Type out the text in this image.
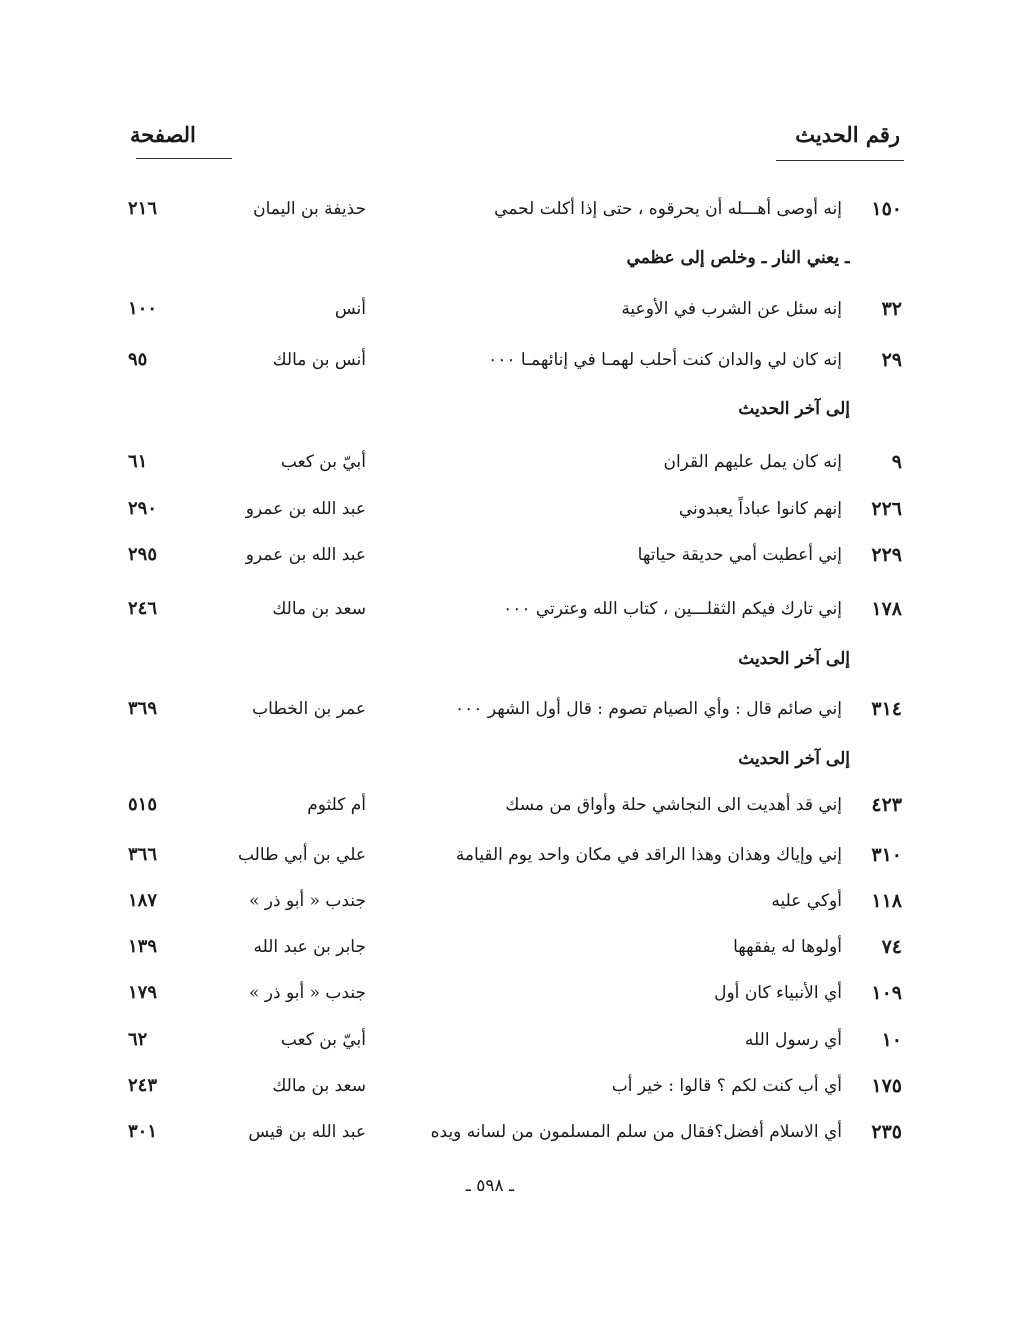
رقم الحديث
الصفحة
١٥٠
إنه أوصى أهـــله أن يحرقوه ، حتى إذا أكلت لحمي
حذيفة بن اليمان
٢١٦
ـ يعني النار ـ وخلص إلى عظمي
٣٢
إنه سئل عن الشرب في الأوعية
أنس
١٠٠
٢٩
إنه كان لي والدان كنت أحلب لهمـا في إنائهمـا ٠٠٠
أنس بن مالك
٩٥
إلى آخر الحديث
٩
إنه كان يمل عليهم القران
أبيّ بن كعب
٦١
٢٢٦
إنهم كانوا عباداً يعبدوني
عبد الله بن عمرو
٢٩٠
٢٢٩
إني أعطيت أمي حديقة حياتها
عبد الله بن عمرو
٢٩٥
١٧٨
إني تارك فيكم الثقلـــين ، كتاب الله وعترتي ٠٠٠
سعد بن مالك
٢٤٦
إلى آخر الحديث
٣١٤
إني صائم قال : وأي الصيام تصوم : قال أول الشهر ٠٠٠
عمر بن الخطاب
٣٦٩
إلى آخر الحديث
٤٢٣
إني قد أهديت الى النجاشي حلة وأواق من مسك
أم كلثوم
٥١٥
٣١٠
إني وإياك وهذان وهذا الراقد في مكان واحد يوم القيامة
علي بن أبي طالب
٣٦٦
١١٨
أوكي عليه
جندب « أبو ذر »
١٨٧
٧٤
أولوها له يفقهها
جابر بن عبد الله
١٣٩
١٠٩
أي الأنبياء كان أول
جندب « أبو ذر »
١٧٩
١٠
أي رسول الله
أبيّ بن كعب
٦٢
١٧٥
أي أب كنت لكم ؟ قالوا : خير أب
سعد بن مالك
٢٤٣
٢٣٥
أي الاسلام أفضل؟فقال من سلم المسلمون من لسانه ويده
عبد الله بن قيس
٣٠١
ـ ٥٩٨ ـ
